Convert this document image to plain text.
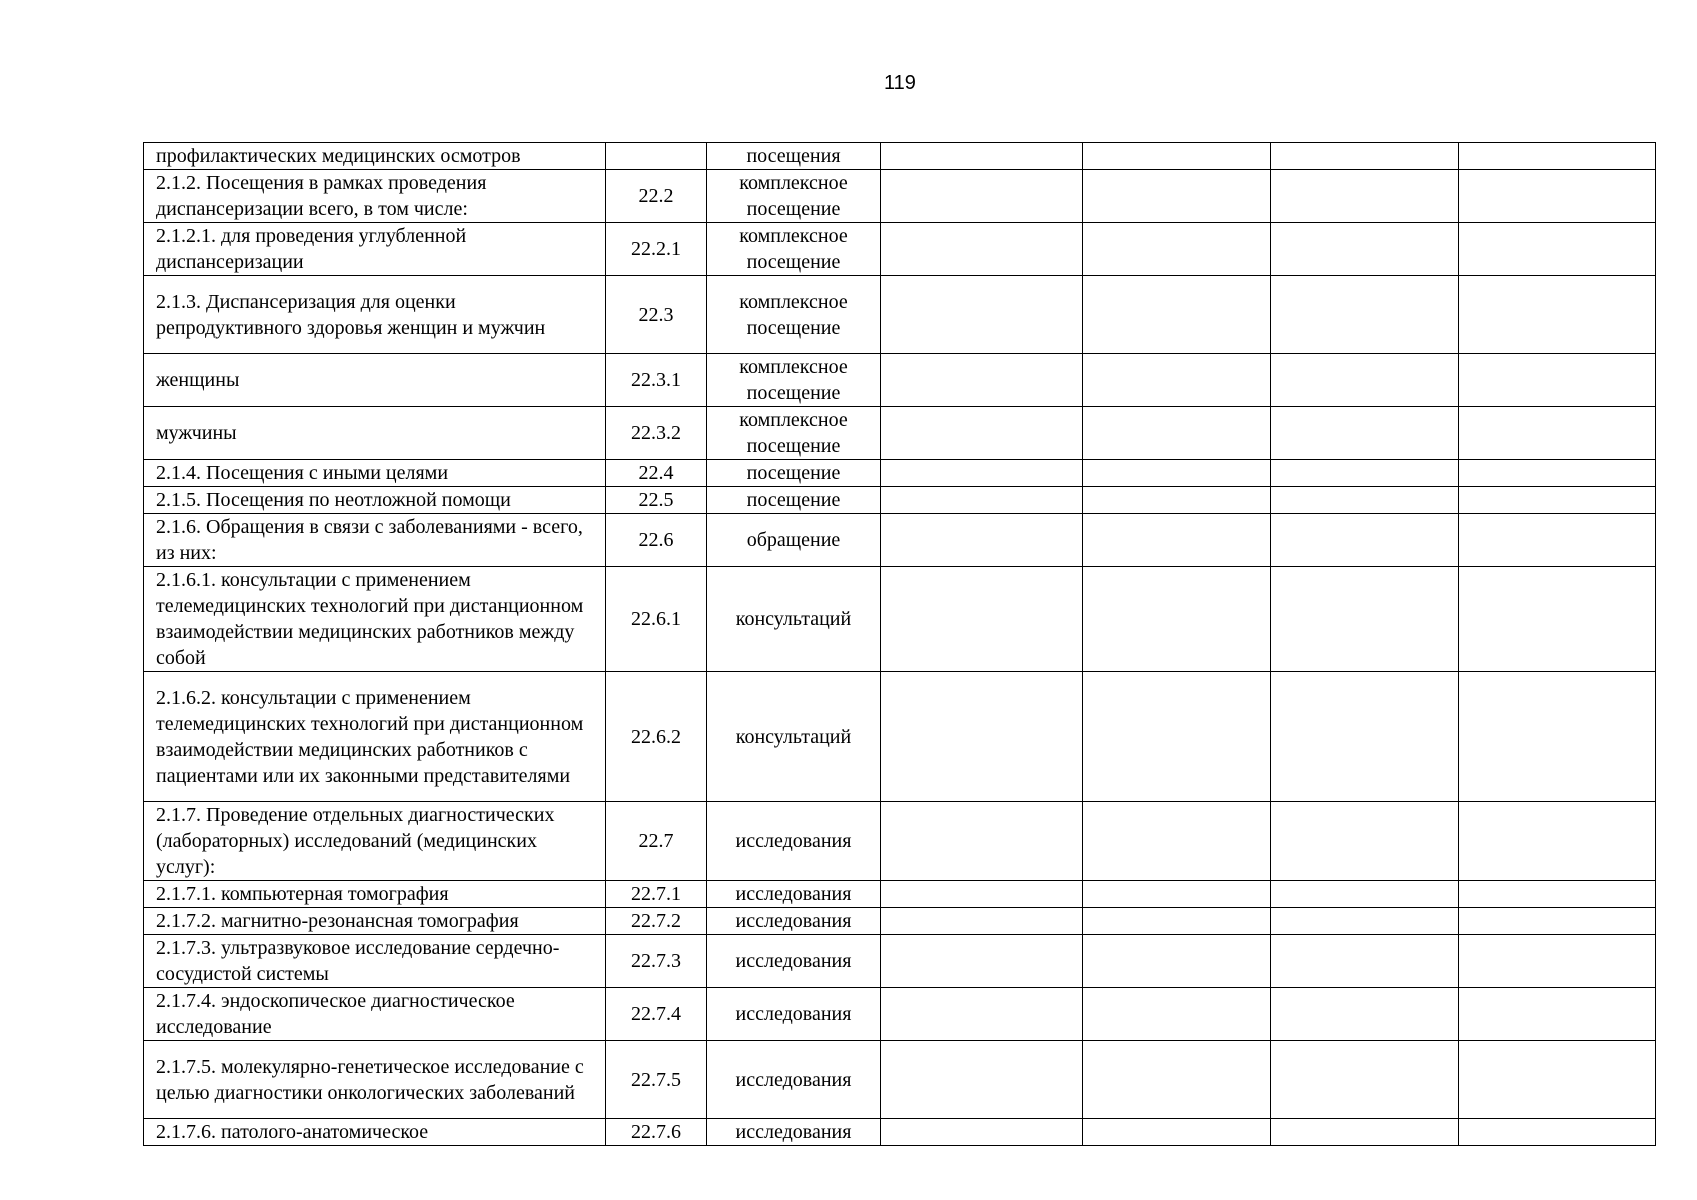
119
профилактических медицинских осмотров		посещения				
2.1.2. Посещения в рамках проведения диспансеризации всего, в том числе:	22.2	комплексное посещение				
2.1.2.1. для проведения углубленной диспансеризации	22.2.1	комплексное посещение				
2.1.3. Диспансеризация для оценки репродуктивного здоровья женщин и мужчин	22.3	комплексное посещение				
женщины	22.3.1	комплексное посещение				
мужчины	22.3.2	комплексное посещение				
2.1.4. Посещения с иными целями	22.4	посещение				
2.1.5. Посещения по неотложной помощи	22.5	посещение				
2.1.6. Обращения в связи с заболеваниями - всего, из них:	22.6	обращение				
2.1.6.1. консультации с применением телемедицинских технологий при дистанционном взаимодействии медицинских работников между собой	22.6.1	консультаций				
2.1.6.2. консультации с применением телемедицинских технологий при дистанционном взаимодействии медицинских работников с пациентами или их законными представителями	22.6.2	консультаций				
2.1.7. Проведение отдельных диагностических (лабораторных) исследований (медицинских услуг):	22.7	исследования				
2.1.7.1. компьютерная томография	22.7.1	исследования				
2.1.7.2. магнитно-резонансная томография	22.7.2	исследования				
2.1.7.3. ультразвуковое исследование сердечно-сосудистой системы	22.7.3	исследования				
2.1.7.4. эндоскопическое диагностическое исследование	22.7.4	исследования				
2.1.7.5. молекулярно-генетическое исследование с целью диагностики онкологических заболеваний	22.7.5	исследования				
2.1.7.6. патолого-анатомическое	22.7.6	исследования				
